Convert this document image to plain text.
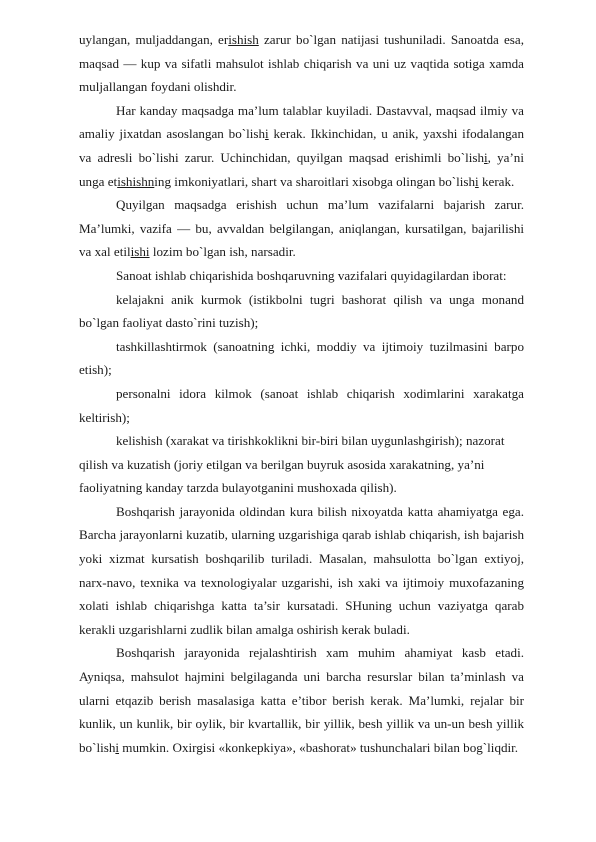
uylangan, muljaddangan, erishish zarur bo`lgan natijasi tushuniladi. Sanoatda esa, maqsad — kup va sifatli mahsulot ishlab chiqarish va uni uz vaqtida sotiga xamda muljallangan foydani olishdir.

Har kanday maqsadga ma’lum talablar kuyiladi. Dastavval, maqsad ilmiy va amaliy jixatdan asoslangan bo`lishi kerak. Ikkinchidan, u anik, yaxshi ifodalangan va adresli bo`lishi zarur. Uchinchidan, quyilgan maqsad erishimli bo`lishi, ya’ni unga etishishning imkoniyatlari, shart va sharoitlari xisobga olingan bo`lishi kerak.

Quyilgan maqsadga erishish uchun ma’lum vazifalarni bajarish zarur. Ma’lumki, vazifa — bu, avvaldan belgilangan, aniqlangan, kursatilgan, bajarilishi va xal etilishi lozim bo`lgan ish, narsadir.

Sanoat ishlab chiqarishida boshqaruvning vazifalari quyidagilardan iborat:

kelajakni anik kurmok (istikbolni tugri bashorat qilish va unga monand bo`lgan faoliyat dasto`rini tuzish);

tashkillashtirmok (sanoatning ichki, moddiy va ijtimoiy tuzilmasini barpo etish);

personalni idora kilmok (sanoat ishlab chiqarish xodimlarini xarakatga keltirish);

kelishish (xarakat va tirishkoklikni bir-biri bilan uygunlashgirish); nazorat

qilish va kuzatish (joriy etilgan va berilgan buyruk asosida xarakatning, ya’ni

faoliyatning kanday tarzda bulayotganini mushoxada qilish).

Boshqarish jarayonida oldindan kura bilish nixoyatda katta ahamiyatga ega. Barcha jarayonlarni kuzatib, ularning uzgarishiga qarab ishlab chiqarish, ish bajarish yoki xizmat kursatish boshqarilib turiladi. Masalan, mahsulotta bo`lgan extiyoj, narx-navo, texnika va texnologiyalar uzgarishi, ish xaki va ijtimoiy muxofazaning xolati ishlab chiqarishga katta ta’sir kursatadi. SHuning uchun vaziyatga qarab kerakli uzgarishlarni zudlik bilan amalga oshirish kerak buladi.

Boshqarish jarayonida rejalashtirish xam muhim ahamiyat kasb etadi. Ayniqsa, mahsulot hajmini belgilaganda uni barcha resurslar bilan ta’minlash va ularni etqazib berish masalasiga katta e’tibor berish kerak. Ma’lumki, rejalar bir kunlik, un kunlik, bir oylik, bir kvartallik, bir yillik, besh yillik va un-un besh yillik bo`lishi mumkin. Oxirgisi «konkepkiya», «bashorat» tushunchalari bilan bog`liqdir.
